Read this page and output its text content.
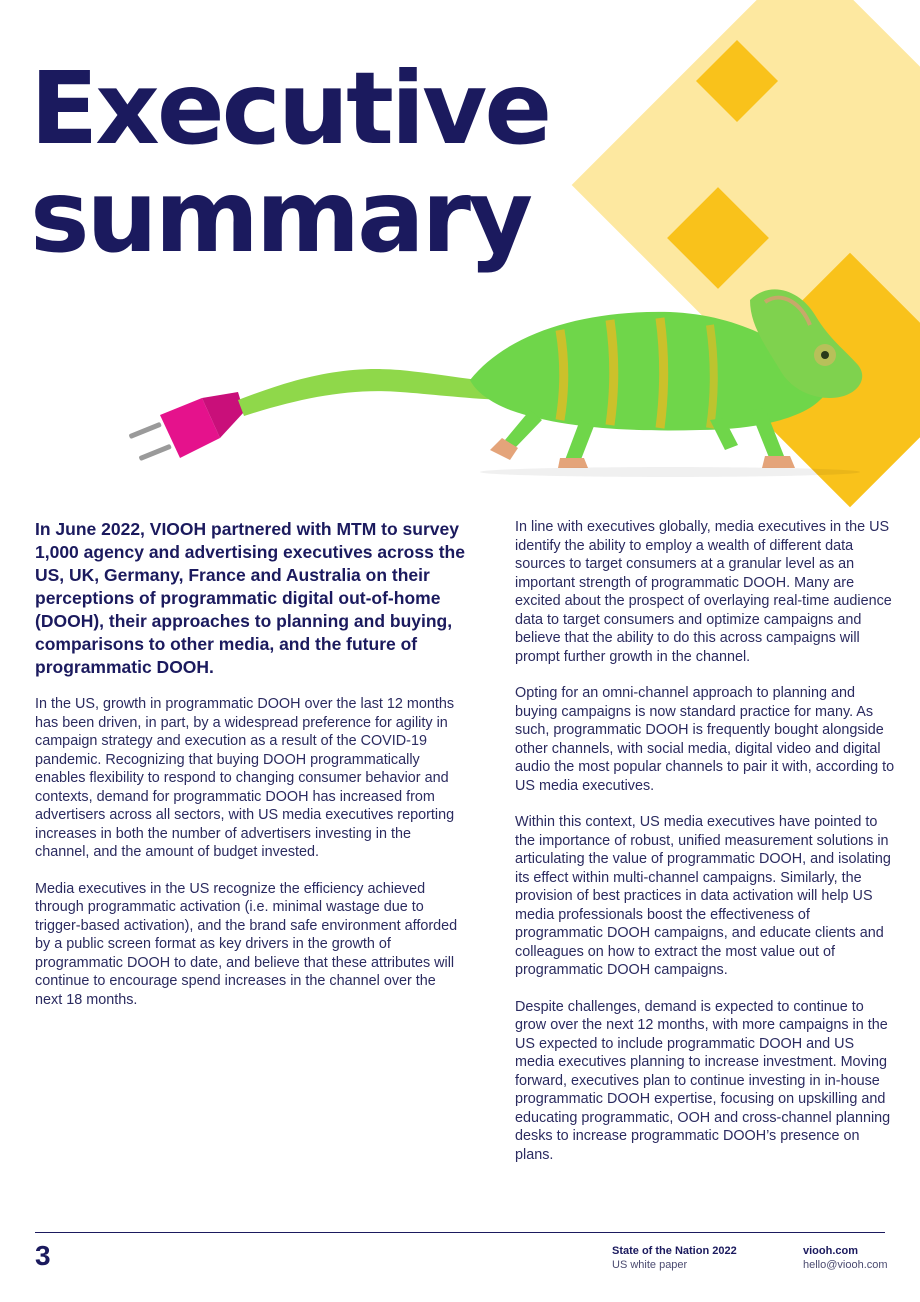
Executive
summary

In June 2022, VIOOH partnered with MTM to survey 1,000 agency and advertising executives across the US, UK, Germany, France and Australia on their perceptions of programmatic digital out-of-home (DOOH), their approaches to planning and buying, comparisons to other media, and the future of programmatic DOOH.

In the US, growth in programmatic DOOH over the last 12 months has been driven, in part, by a widespread preference for agility in campaign strategy and execution as a result of the COVID-19 pandemic. Recognizing that buying DOOH programmatically enables flexibility to respond to changing consumer behavior and contexts, demand for programmatic DOOH has increased from advertisers across all sectors, with US media executives reporting increases in both the number of advertisers investing in the channel, and the amount of budget invested.

Media executives in the US recognize the efficiency achieved through programmatic activation (i.e. minimal wastage due to trigger-based activation), and the brand safe environment afforded by a public screen format as key drivers in the growth of programmatic DOOH to date, and believe that these attributes will continue to encourage spend increases in the channel over the next 18 months.

In line with executives globally, media executives in the US identify the ability to employ a wealth of different data sources to target consumers at a granular level as an important strength of programmatic DOOH. Many are excited about the prospect of overlaying real-time audience data to target consumers and optimize campaigns and believe that the ability to do this across campaigns will prompt further growth in the channel.

Opting for an omni-channel approach to planning and buying campaigns is now standard practice for many. As such, programmatic DOOH is frequently bought alongside other channels, with social media, digital video and digital audio the most popular channels to pair it with, according to US media executives.

Within this context, US media executives have pointed to the importance of robust, unified measurement solutions in articulating the value of programmatic DOOH, and isolating its effect within multi-channel campaigns. Similarly, the provision of best practices in data activation will help US media professionals boost the effectiveness of programmatic DOOH campaigns, and educate clients and colleagues on how to extract the most value out of programmatic DOOH campaigns.

Despite challenges, demand is expected to continue to grow over the next 12 months, with more campaigns in the US expected to include programmatic DOOH and US media executives planning to increase investment. Moving forward, executives plan to continue investing in in-house programmatic DOOH expertise, focusing on upskilling and educating programmatic, OOH and cross-channel planning desks to increase programmatic DOOH’s presence on plans.

3	State of the Nation 2022
US white paper
viooh.com
hello@viooh.com
